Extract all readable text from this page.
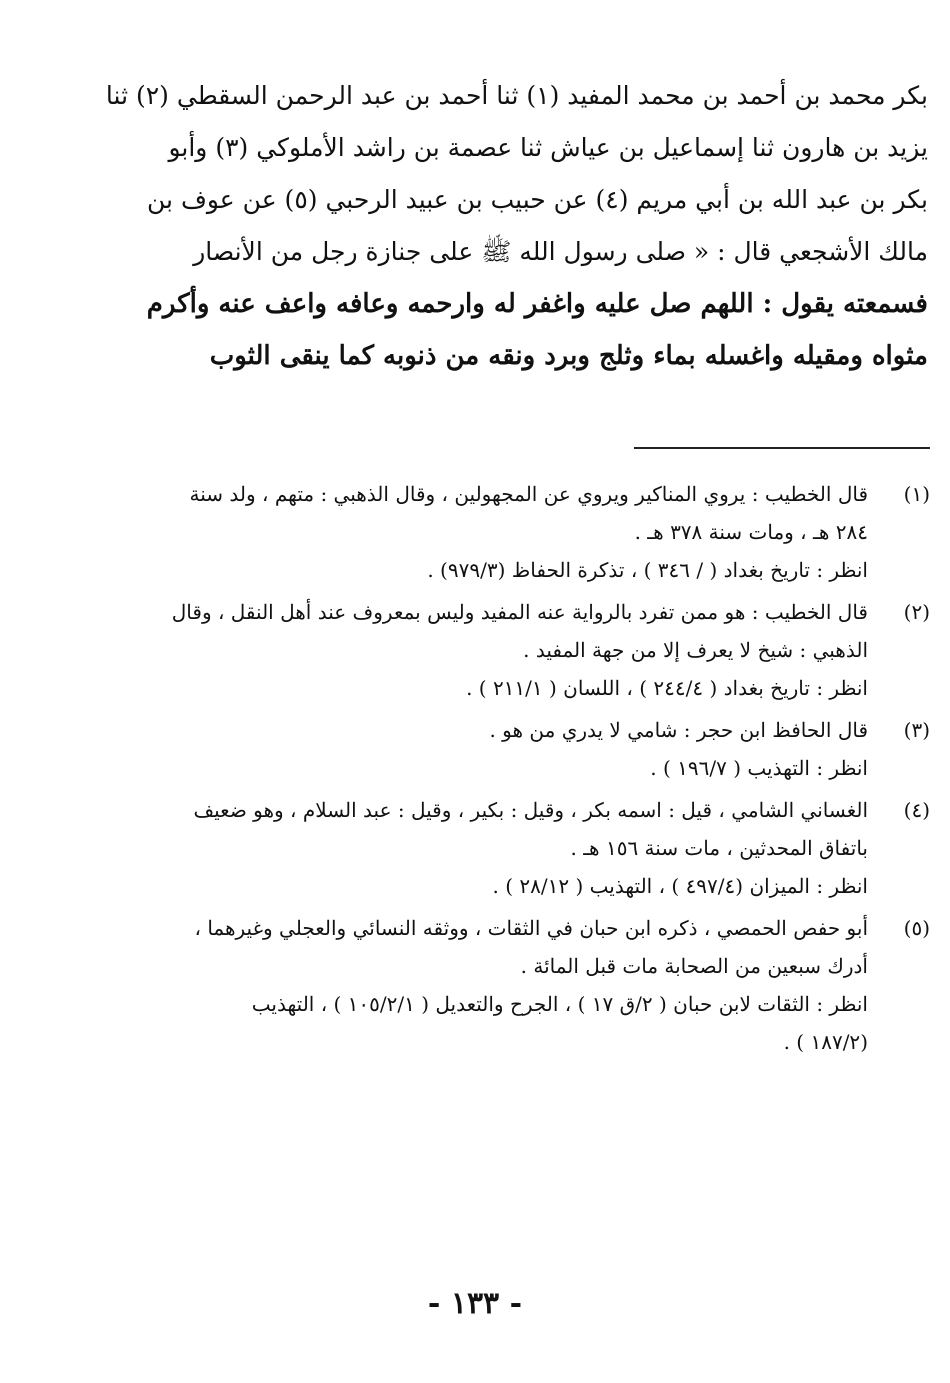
بكر محمد بن أحمد بن محمد المفيد (١) ثنا أحمد بن عبد الرحمن السقطي (٢) ثنا
يزيد بن هارون ثنا إسماعيل بن عياش ثنا عصمة بن راشد الأملوكي (٣) وأبو
بكر بن عبد الله بن أبي مريم (٤) عن حبيب بن عبيد الرحبي (٥) عن عوف بن
مالك الأشجعي قال : « صلى رسول الله ﷺ على جنازة رجل من الأنصار
فسمعته يقول : اللهم صل عليه واغفر له وارحمه وعافه واعف عنه وأكرم
مثواه ومقيله واغسله بماء وثلج وبرد ونقه من ذنوبه كما ينقى الثوب
(١)
قال الخطيب : يروي المناكير ويروي عن المجهولين ، وقال الذهبي : متهم ، ولد سنة
٢٨٤ هـ ، ومات سنة ٣٧٨ هـ .
انظر : تاريخ بغداد ( / ٣٤٦ ) ، تذكرة الحفاظ (٩٧٩/٣) .
(٢)
قال الخطيب : هو ممن تفرد بالرواية عنه المفيد وليس بمعروف عند أهل النقل ، وقال
الذهبي : شيخ لا يعرف إلا من جهة المفيد .
انظر : تاريخ بغداد ( ٢٤٤/٤ ) ، اللسان ( ٢١١/١ ) .
(٣)
قال الحافظ ابن حجر : شامي لا يدري من هو .
انظر : التهذيب ( ١٩٦/٧ ) .
(٤)
الغساني الشامي ، قيل : اسمه بكر ، وقيل : بكير ، وقيل : عبد السلام ، وهو ضعيف
باتفاق المحدثين ، مات سنة ١٥٦ هـ .
انظر : الميزان (٤٩٧/٤ ) ، التهذيب ( ٢٨/١٢ ) .
(٥)
أبو حفص الحمصي ، ذكره ابن حبان في الثقات ، ووثقه النسائي والعجلي وغيرهما ،
أدرك سبعين من الصحابة مات قبل المائة .
انظر : الثقات لابن حبان ( ٢/ق ١٧ ) ، الجرح والتعديل ( ١٠٥/٢/١ ) ، التهذيب
(١٨٧/٢ ) .
- ١٣٣ -
